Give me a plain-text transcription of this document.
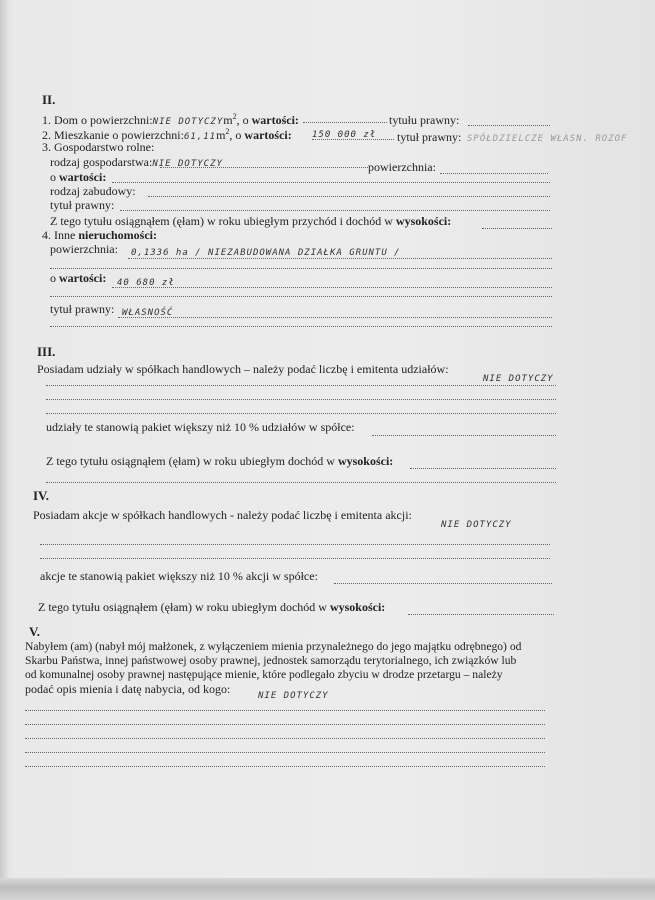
II.
1. Dom o powierzchni:NIE DOTYCZYm$^2$, o wartości:	tytułu prawny:
2. Mieszkanie o $powierzchni:61,11m^2$, o wartości: 150 000 zł tytuł prawny: SPÓŁDZIELCZE WŁASN. ROZOF
3. Gospodarstwo rolne:
rodzaj gospodarstwa:NIE DOTYCZY	powierzchnia:
o wartości:
rodzaj zabudowy:
tytuł prawny:
Z tego tytułu osiągnąłem (ęłam) w roku ubiegłym przychód i dochód w wysokości:
4. Inne nieruchomości:
powierzchnia: 0,1336 ha / NIEZABUDOWANA DZIAŁKA GRUNTU /
o wartości: 40 680 zł
tytuł prawny: WŁASNOŚĆ
III.
Posiadam udziały w spółkach handlowych – należy podać liczbę i emitenta udziałów:
NIE DOTYCZY
udziały te stanowią pakiet większy niż 10 % udziałów w spółce:
Z tego tytułu osiągnąłem (ęłam) w roku ubiegłym dochód w wysokości:
IV.
Posiadam akcje w spółkach handlowych - należy podać liczbę i emitenta akcji:
NIE DOTYCZY
akcje te stanowią pakiet większy niż 10 % akcji w spółce:
Z tego tytułu osiągnąłem (ęłam) w roku ubiegłym dochód w wysokości:
V.
Nabyłem (am) (nabył mój małżonek, z wyłączeniem mienia przynależnego do jego majątku odrębnego) od
Skarbu Państwa, innej państwowej osoby prawnej, jednostek samorządu terytorialnego, ich związków lub
od komunalnej osoby prawnej następujące mienie, które podlegało zbyciu w drodze przetargu – należy
podać opis mienia i datę nabycia, od kogo:	NIE DOTYCZY
